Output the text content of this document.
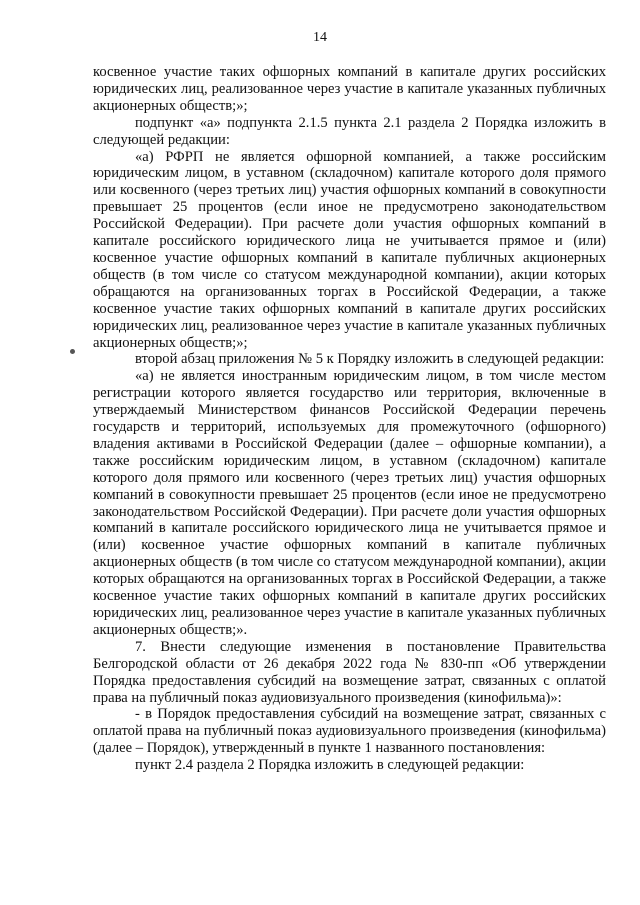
14

косвенное участие таких офшорных компаний в капитале других российских юридических лиц, реализованное через участие в капитале указанных публичных акционерных обществ;»;

подпункт «а» подпункта 2.1.5 пункта 2.1 раздела 2 Порядка изложить в следующей редакции:

«а) РФРП не является офшорной компанией, а также российским юридическим лицом, в уставном (складочном) капитале которого доля прямого или косвенного (через третьих лиц) участия офшорных компаний в совокупности превышает 25 процентов (если иное не предусмотрено законодательством Российской Федерации). При расчете доли участия офшорных компаний в капитале российского юридического лица не учитывается прямое и (или) косвенное участие офшорных компаний в капитале публичных акционерных обществ (в том числе со статусом международной компании), акции которых обращаются на организованных торгах в Российской Федерации, а также косвенное участие таких офшорных компаний в капитале других российских юридических лиц, реализованное через участие в капитале указанных публичных акционерных обществ;»;

второй абзац приложения № 5 к Порядку изложить в следующей редакции:

«а) не является иностранным юридическим лицом, в том числе местом регистрации которого является государство или территория, включенные в утверждаемый Министерством финансов Российской Федерации перечень государств и территорий, используемых для промежуточного (офшорного) владения активами в Российской Федерации (далее – офшорные компании), а также российским юридическим лицом, в уставном (складочном) капитале которого доля прямого или косвенного (через третьих лиц) участия офшорных компаний в совокупности превышает 25 процентов (если иное не предусмотрено законодательством Российской Федерации). При расчете доли участия офшорных компаний в капитале российского юридического лица не учитывается прямое и (или) косвенное участие офшорных компаний в капитале публичных акционерных обществ (в том числе со статусом международной компании), акции которых обращаются на организованных торгах в Российской Федерации, а также косвенное участие таких офшорных компаний в капитале других российских юридических лиц, реализованное через участие в капитале указанных публичных акционерных обществ;».

7. Внести следующие изменения в постановление Правительства Белгородской области от 26 декабря 2022 года № 830-пп «Об утверждении Порядка предоставления субсидий на возмещение затрат, связанных с оплатой права на публичный показ аудиовизуального произведения (кинофильма)»:

- в Порядок предоставления субсидий на возмещение затрат, связанных с оплатой права на публичный показ аудиовизуального произведения (кинофильма) (далее – Порядок), утвержденный в пункте 1 названного постановления:

пункт 2.4 раздела 2 Порядка изложить в следующей редакции:
